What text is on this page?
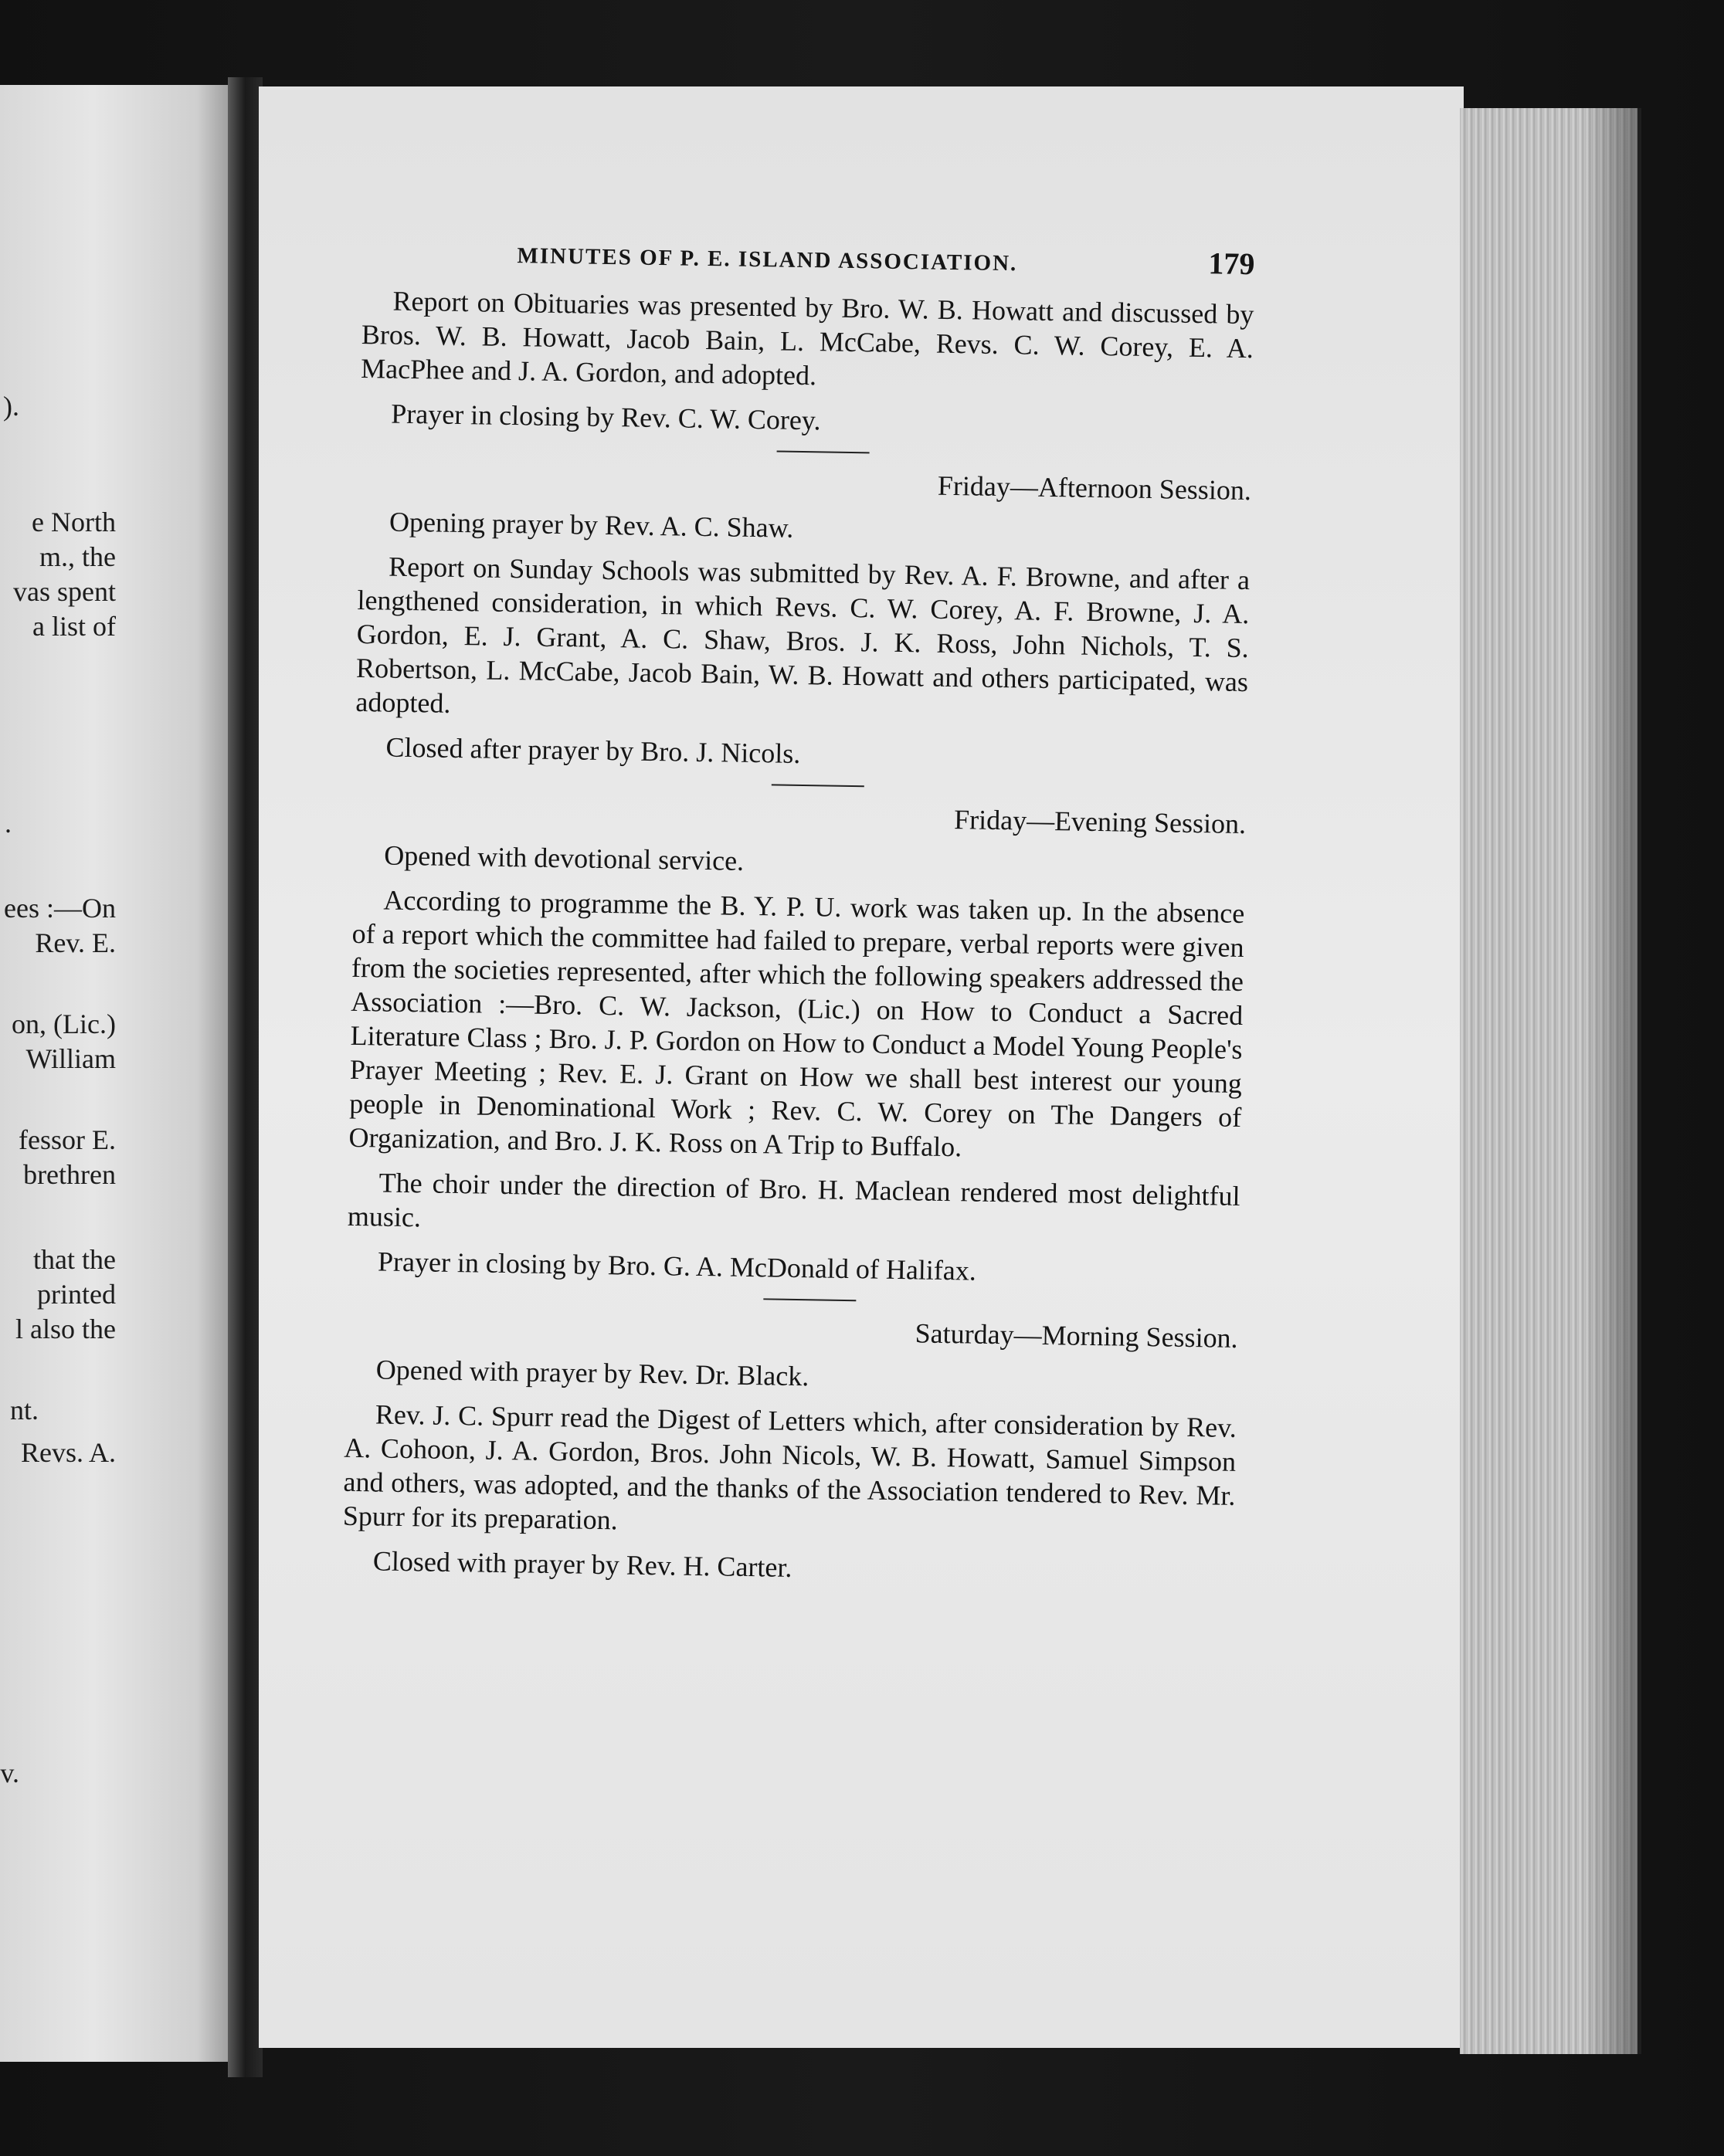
).
e North
m., the
vas spent
a list of
.
ees :—On
Rev. E.
on, (Lic.)
William
fessor E.
brethren
that the
printed
l also the
nt.
Revs. A.
v.
MINUTES OF P. E. ISLAND ASSOCIATION.	179

Report on Obituaries was presented by Bro. W. B. Howatt and discussed by Bros. W. B. Howatt, Jacob Bain, L. McCabe, Revs. C. W. Corey, E. A. MacPhee and J. A. Gordon, and adopted.

Prayer in closing by Rev. C. W. Corey.

Friday—Afternoon Session.

Opening prayer by Rev. A. C. Shaw.

Report on Sunday Schools was submitted by Rev. A. F. Browne, and after a lengthened consideration, in which Revs. C. W. Corey, A. F. Browne, J. A. Gordon, E. J. Grant, A. C. Shaw, Bros. J. K. Ross, John Nichols, T. S. Robertson, L. McCabe, Jacob Bain, W. B. Howatt and others participated, was adopted.

Closed after prayer by Bro. J. Nicols.

Friday—Evening Session.

Opened with devotional service.

According to programme the B. Y. P. U. work was taken up. In the absence of a report which the committee had failed to prepare, verbal reports were given from the societies represented, after which the following speakers addressed the Association :—Bro. C. W. Jackson, (Lic.) on How to Conduct a Sacred Literature Class ; Bro. J. P. Gordon on How to Conduct a Model Young People's Prayer Meeting ; Rev. E. J. Grant on How we shall best interest our young people in Denominational Work ; Rev. C. W. Corey on The Dangers of Organization, and Bro. J. K. Ross on A Trip to Buffalo.

The choir under the direction of Bro. H. Maclean rendered most delightful music.

Prayer in closing by Bro. G. A. McDonald of Halifax.

Saturday—Morning Session.

Opened with prayer by Rev. Dr. Black.

Rev. J. C. Spurr read the Digest of Letters which, after consideration by Rev. A. Cohoon, J. A. Gordon, Bros. John Nicols, W. B. Howatt, Samuel Simpson and others, was adopted, and the thanks of the Association tendered to Rev. Mr. Spurr for its preparation.

Closed with prayer by Rev. H. Carter.
